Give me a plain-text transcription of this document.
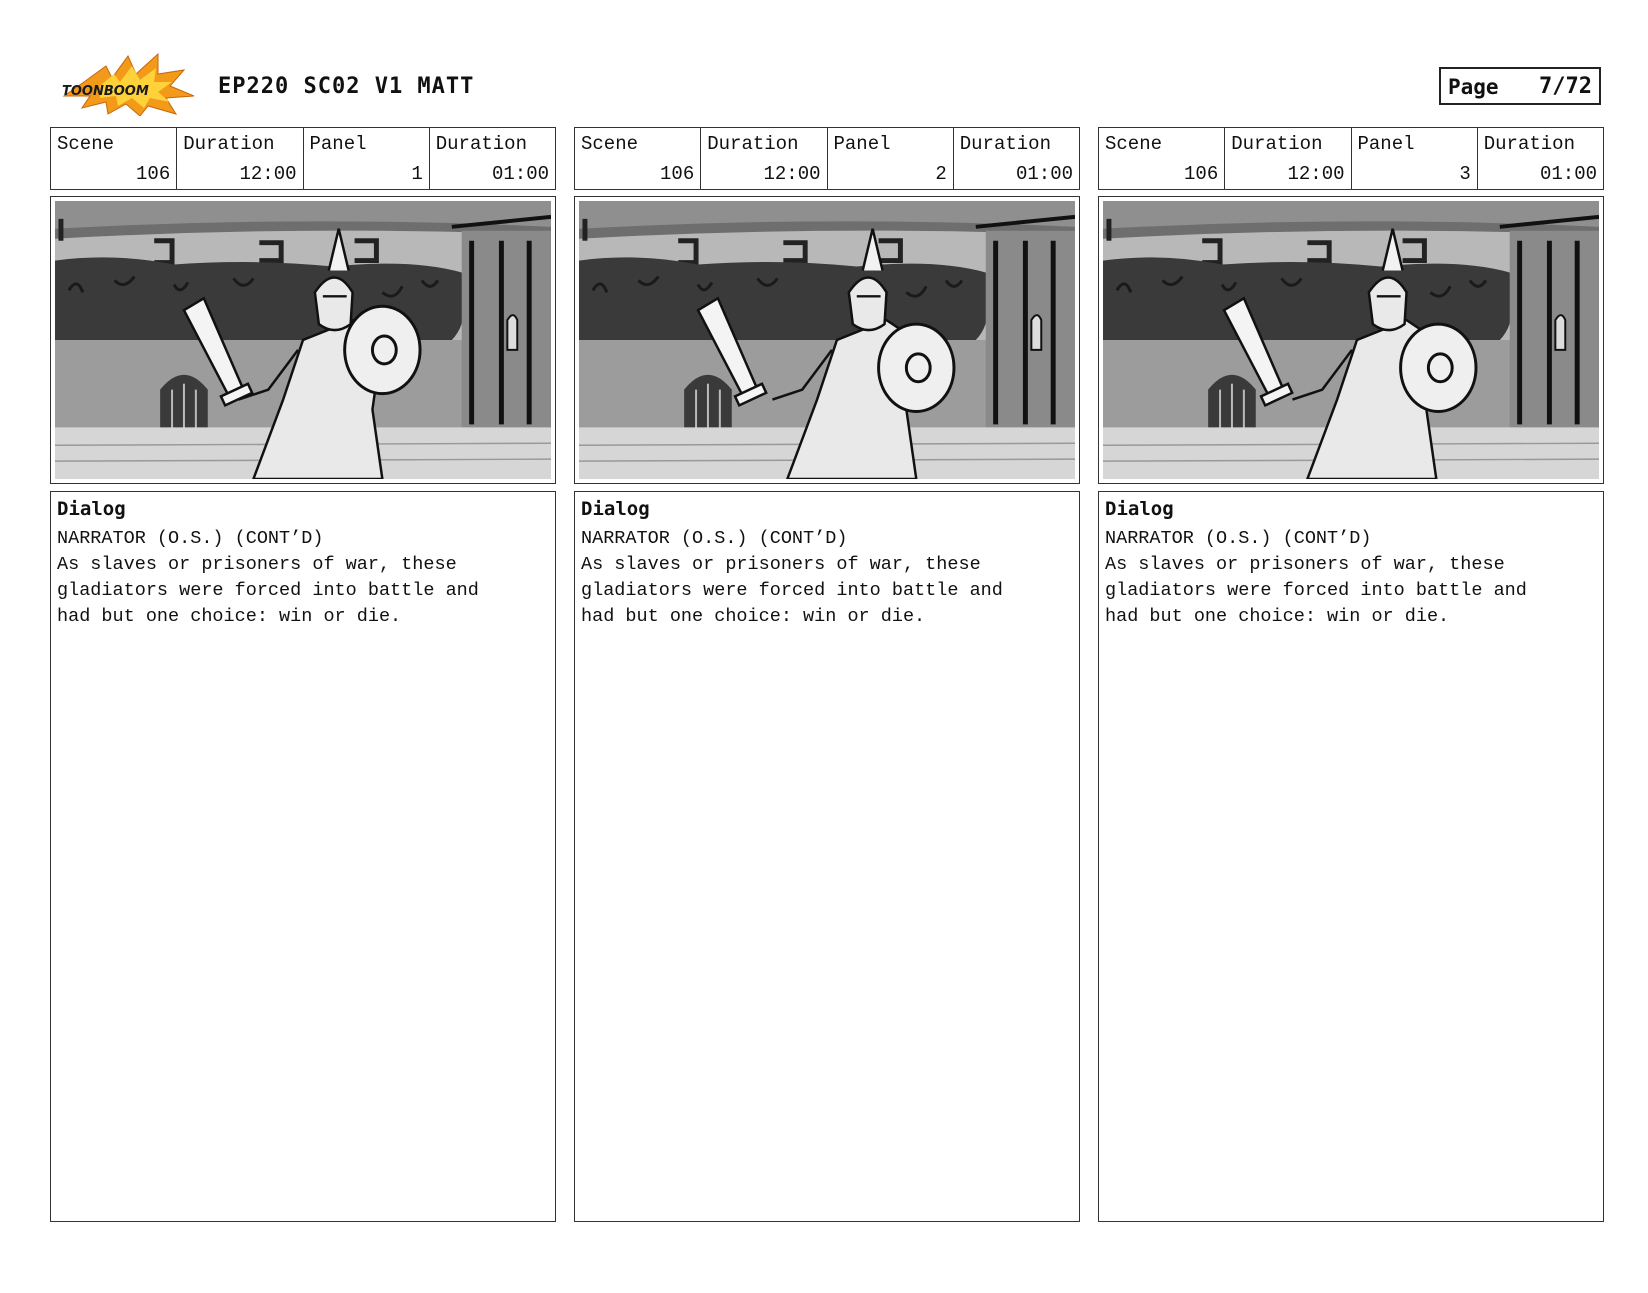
TOONBOOM	EP220 SC02 V1 MATT	Page 7/72
Scene
106
Duration
12:00
Panel
1
Duration
01:00
Dialog
NARRATOR (O.S.) (CONT’D)
As slaves or prisoners of war, these
gladiators were forced into battle and
had but one choice: win or die.
Scene
106
Duration
12:00
Panel
2
Duration
01:00
Dialog
NARRATOR (O.S.) (CONT’D)
As slaves or prisoners of war, these
gladiators were forced into battle and
had but one choice: win or die.
Scene
106
Duration
12:00
Panel
3
Duration
01:00
Dialog
NARRATOR (O.S.) (CONT’D)
As slaves or prisoners of war, these
gladiators were forced into battle and
had but one choice: win or die.
